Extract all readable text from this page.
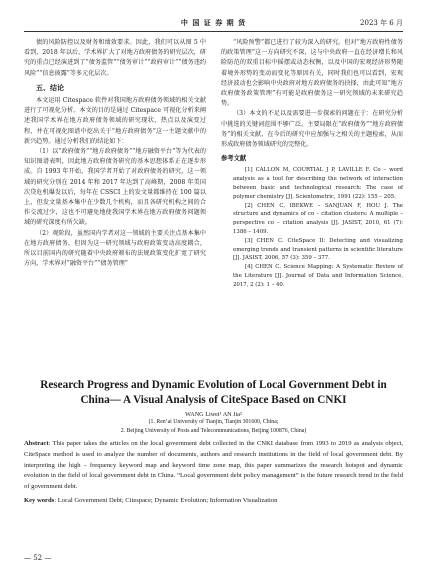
中 国 证 券 期 货	2023 年 6 月

债的风险防控以及财务和绩效要求。因此，我们可以从图 5 中看到，2018 年以后，学术界扩大了对地方政府债务的研究层次，研究的重点已经演进到了“债务监管”“债务审计”“政府审计”“债务违约风险”“信息披露”等多元化层次。

五、结论

本文运用 Citespace 软件对我国地方政府债务领域的相关文献进行了可视化分析。本文的目的是通过 Citespace 可视化分析来阐述我国学术界在地方政府债务领域的研究现状、热点以及演变过程，并在可视化图谱中挖出关于“地方政府债务”这一主题文献中的新兴趋势。通过分析我们的结论如下：

（1）以“政府债务”“地方政府债务”“地方融资平台”等为代表的知识图谱表明，因此地方政府债务研究的基本思想体系正在逐步形成。自 1993 年开始，我国学者开始了对政府债务的研究，这一领域的研究分别在 2014 年和 2017 年达到了高峰期，2008 年美国次贷危机爆发以后，每年在 CSSCI 上的发文量都维持在 100 篇以上，但发文量基本集中在少数几个机构，而且各研究机构之间的合作交流过少，这也不可避免地使我国学术界在地方政府债务问题领域的研究深度有所欠缺。

（2）观阶段，虽然国内学者对这一领域的主要关注点基本集中在地方政府债务，但因为这一研究领域与政府政策变动高度耦合，所以目前国内的研究随着中央政府颁布的法规政策变化扩宽了研究方向，学术界对“融资平台”“债务管理”

“风险预警”都已进行了较为深入的研究。但对“地方政府性债务的政策管理”这一方向研究不深，这与中央政府一直在经济增长和风险防范的双重目标中摇摆或动态权衡，以及中国的宏观经济形势随着境外形势的变动而变化等原因有关，同时我们也可以看到，宏观经济波动也会影响中央政府对地方政府债务的抉择，由此可知“地方政府债务政策管理”有可能是政府债务这一研究领域的未来研究趋势。

（3）本文的不足以及需要进一步探索的问题在于：在研究分析中挑选的关键词范围不够广泛。主要局限在“政府债务”“地方政府债务”的相关文献，在今后的研究中应加强与之相关的主题检索，从而形成政府债务领域研究的完整化。

参考文献

[1] CALLON M, COURTIAL J P, LAVILLE F. Co – word analysis as a tool for describing the network of interaction between basic and technological research: The case of polymer chemistry [J]. Scientometric, 1991 (22): 155 – 205.

[2] CHEN C, IBEKWE – SANJUAN F, HOU J. The structure and dynamics of co – citation clusters: A multiple – perspective co – citation analysis [J]. JASIST, 2010, 61 (7): 1386 – 1409.

[3] CHEN C. CiteSpace II: Detecting and visualizing emerging trends and transient patterns in scientific literature [J]. JASIST, 2006, 57 (3): 359 – 377.

[4] CHEN C. Science Mapping: A Systematic Review of the Literature [J]. Journal of Data and Information Science, 2017, 2 (2): 1 – 40.

Research Progress and Dynamic Evolution of Local Government Debt in
China— A Visual Analysis of CiteSpace Based on CNKI
WANG Liwei¹ AN Jia²
(1. Ren’ai University of Tianjin, Tianjin 301600, China;
2. Beijing University of Posts and Telecommunications, Beijing 100876, China)
Abstract: This paper takes the articles on the local government debt collected in the CNKI database from 1993 to 2019 as analysis object, CiteSpace method is used to analyze the number of documents, authors and research institutions in the field of local government debt. By interpreting the high – frequency keyword map and keyword time zone map, this paper summarizes the research hotspot and dynamic evolution in the field of local government debt in China. “Local government debt policy management” is the future research trend in the field of government debt.
Key words: Local Government Debt; Citespace; Dynamic Evolution; Information Visualization
— 52 —
